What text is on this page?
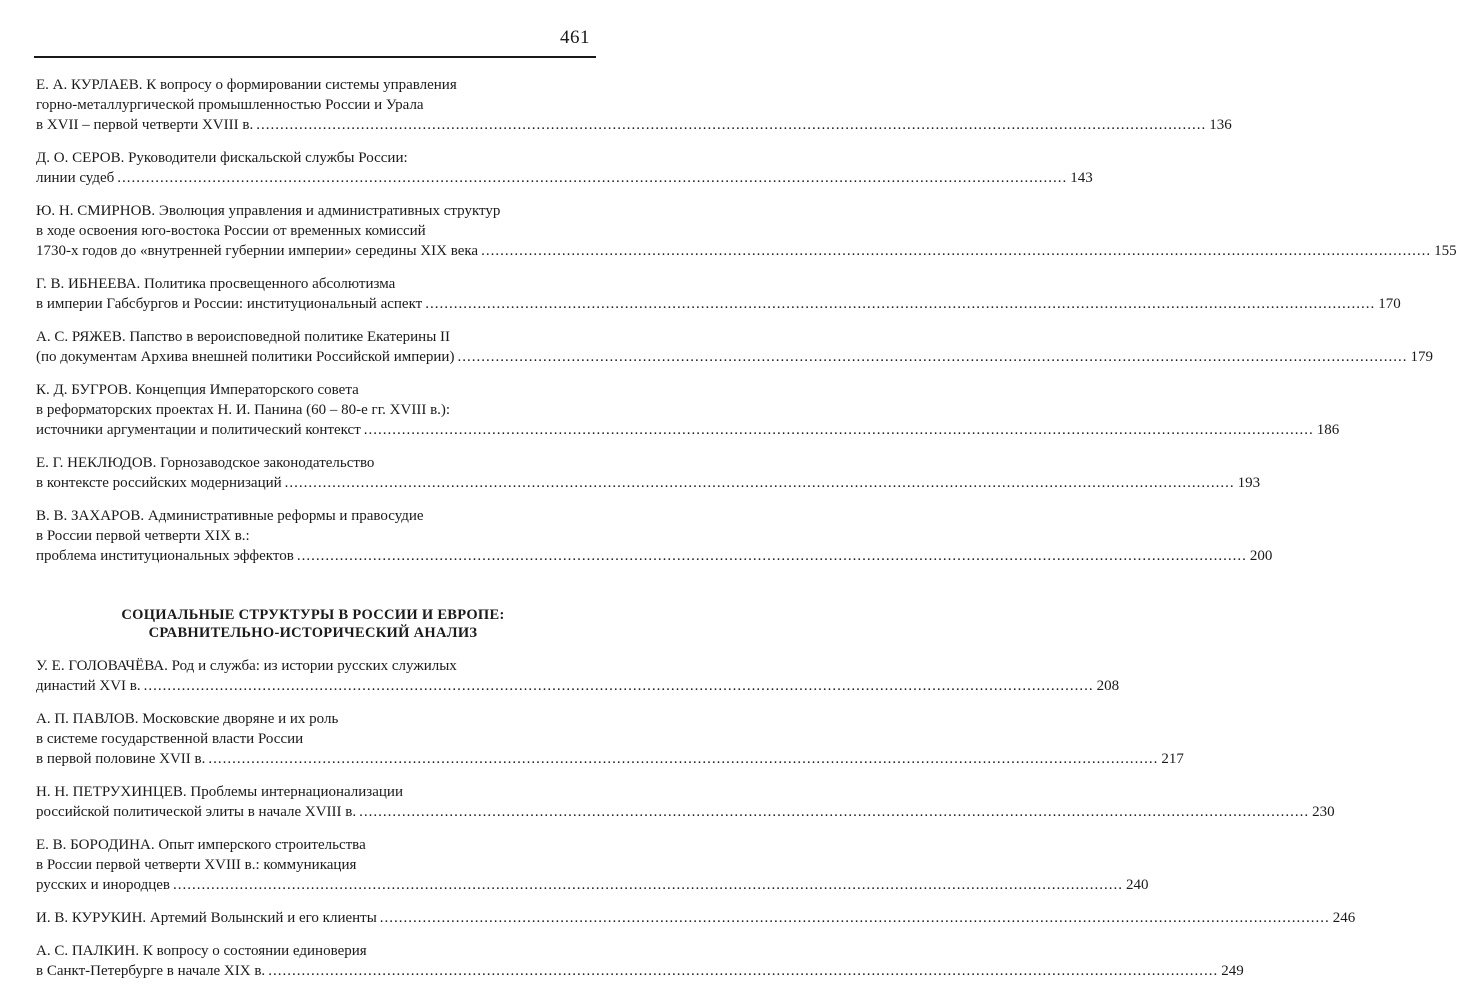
461
Е. А. КУРЛАЕВ. К вопросу о формировании системы управления
горно-металлургической промышленностью России и Урала
в XVII – первой четверти XVIII в. ........................................................................................................................................................................................................ 136
Д. О. СЕРОВ. Руководители фискальской службы России:
линии судеб ........................................................................................................................................................................................................ 143
Ю. Н. СМИРНОВ. Эволюция управления и административных структур
в ходе освоения юго-востока России от временных комиссий
1730-х годов до «внутренней губернии империи» середины XIX века ........................................................................................................................................................................................................ 155
Г. В. ИБНЕЕВА. Политика просвещенного абсолютизма
в империи Габсбургов и России: институциональный аспект ........................................................................................................................................................................................................ 170
А. С. РЯЖЕВ. Папство в вероисповедной политике Екатерины II
(по документам Архива внешней политики Российской империи) ........................................................................................................................................................................................................ 179
К. Д. БУГРОВ. Концепция Императорского совета
в реформаторских проектах Н. И. Панина (60 – 80-е гг. XVIII в.):
источники аргументации и политический контекст ........................................................................................................................................................................................................ 186
Е. Г. НЕКЛЮДОВ. Горнозаводское законодательство
в контексте российских модернизаций ........................................................................................................................................................................................................ 193
В. В. ЗАХАРОВ. Административные реформы и правосудие
в России первой четверти XIX в.:
проблема институциональных эффектов ........................................................................................................................................................................................................ 200
СОЦИАЛЬНЫЕ СТРУКТУРЫ В РОССИИ И ЕВРОПЕ:
СРАВНИТЕЛЬНО-ИСТОРИЧЕСКИЙ АНАЛИЗ
У. Е. ГОЛОВАЧЁВА. Род и служба: из истории русских служилых
династий XVI в. ........................................................................................................................................................................................................ 208
А. П. ПАВЛОВ. Московские дворяне и их роль
в системе государственной власти России
в первой половине XVII в. ........................................................................................................................................................................................................ 217
Н. Н. ПЕТРУХИНЦЕВ. Проблемы интернационализации
российской политической элиты в начале XVIII в. ........................................................................................................................................................................................................ 230
Е. В. БОРОДИНА. Опыт имперского строительства
в России первой четверти XVIII в.: коммуникация
русских и инородцев ........................................................................................................................................................................................................ 240
И. В. КУРУКИН. Артемий Волынский и его клиенты ........................................................................................................................................................................................................ 246
А. С. ПАЛКИН. К вопросу о состоянии единоверия
в Санкт-Петербурге в начале XIX в. ........................................................................................................................................................................................................ 249
